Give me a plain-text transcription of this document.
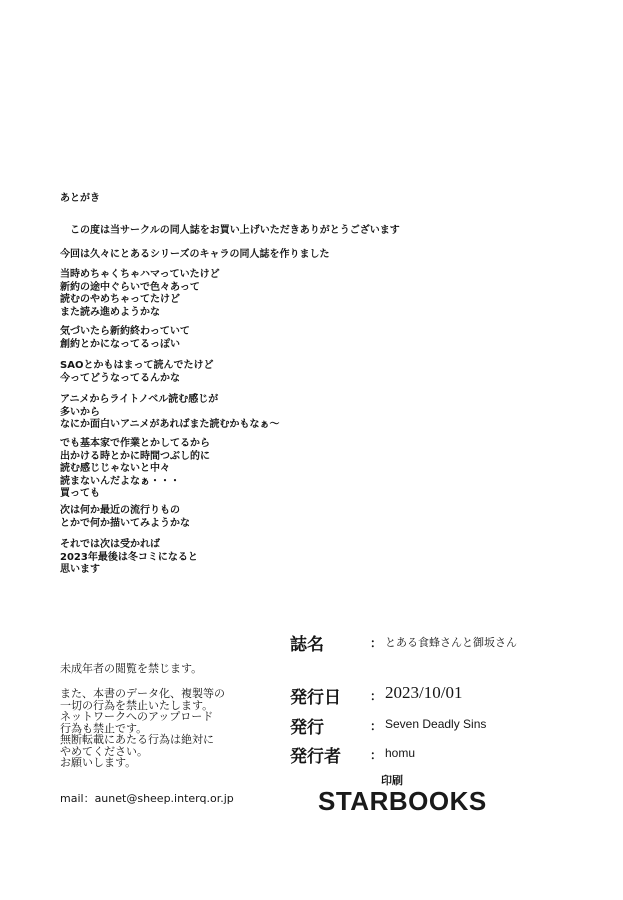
あとがき
　この度は当サークルの同人誌をお買い上げいただきありがとうございます
今回は久々にとあるシリーズのキャラの同人誌を作りました
当時めちゃくちゃハマっていたけど
新約の途中ぐらいで色々あって
読むのやめちゃってたけど
また読み進めようかな
気づいたら新約終わっていて
創約とかになってるっぽい
SAOとかもはまって読んでたけど
今ってどうなってるんかな
アニメからライトノベル読む感じが
多いから
なにか面白いアニメがあればまた読むかもなぁ～
でも基本家で作業とかしてるから
出かける時とかに時間つぶし的に
読む感じじゃないと中々
読まないんだよなぁ・・・
買っても
次は何か最近の流行りもの
とかで何か描いてみようかな
それでは次は受かれば
2023年最後は冬コミになると
思います
未成年者の閲覧を禁じます。
また、本書のデータ化、複製等の
一切の行為を禁止いたします。
ネットワークへのアップロード
行為も禁止です。
無断転載にあたる行為は絶対に
やめてください。
お願いします。
mail：aunet@sheep.interq.or.jp
誌名	： とある食蜂さんと御坂さん
発行日 ： 2023/10/01
発行	： Seven Deadly Sins
発行者 ： homu
印刷
STARBOOKS
